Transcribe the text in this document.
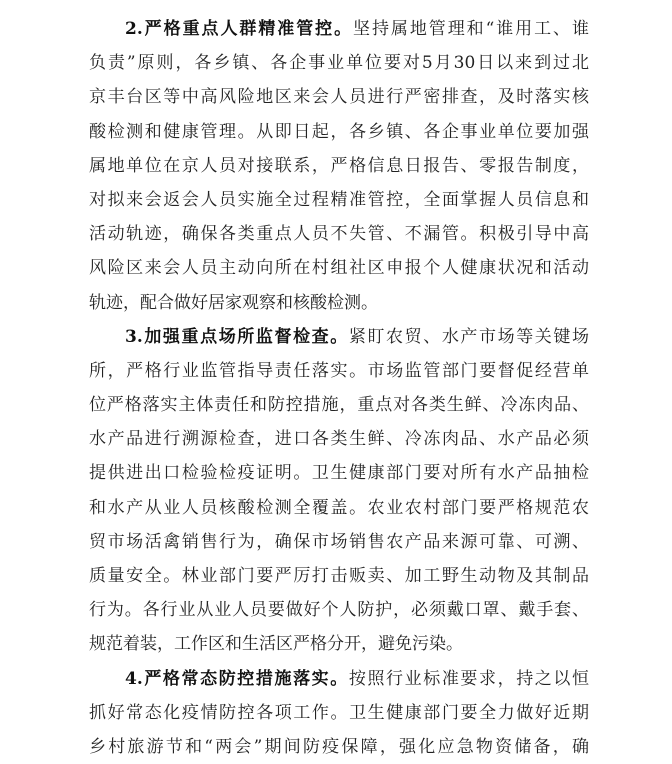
2.严格重点人群精准管控。坚持属地管理和“谁用工、谁
负责”原则，各乡镇、各企事业单位要对5月30日以来到过北
京丰台区等中高风险地区来会人员进行严密排查，及时落实核
酸检测和健康管理。从即日起，各乡镇、各企事业单位要加强
属地单位在京人员对接联系，严格信息日报告、零报告制度，
对拟来会返会人员实施全过程精准管控，全面掌握人员信息和
活动轨迹，确保各类重点人员不失管、不漏管。积极引导中高
风险区来会人员主动向所在村组社区申报个人健康状况和活动
轨迹，配合做好居家观察和核酸检测。
3.加强重点场所监督检查。紧盯农贸、水产市场等关键场
所，严格行业监管指导责任落实。市场监管部门要督促经营单
位严格落实主体责任和防控措施，重点对各类生鲜、冷冻肉品、
水产品进行溯源检查，进口各类生鲜、冷冻肉品、水产品必须
提供进出口检验检疫证明。卫生健康部门要对所有水产品抽检
和水产从业人员核酸检测全覆盖。农业农村部门要严格规范农
贸市场活禽销售行为，确保市场销售农产品来源可靠、可溯、
质量安全。林业部门要严厉打击贩卖、加工野生动物及其制品
行为。各行业从业人员要做好个人防护，必须戴口罩、戴手套、
规范着装，工作区和生活区严格分开，避免污染。
4.严格常态防控措施落实。按照行业标准要求，持之以恒
抓好常态化疫情防控各项工作。卫生健康部门要全力做好近期
乡村旅游节和“两会”期间防疫保障，强化应急物资储备，确
